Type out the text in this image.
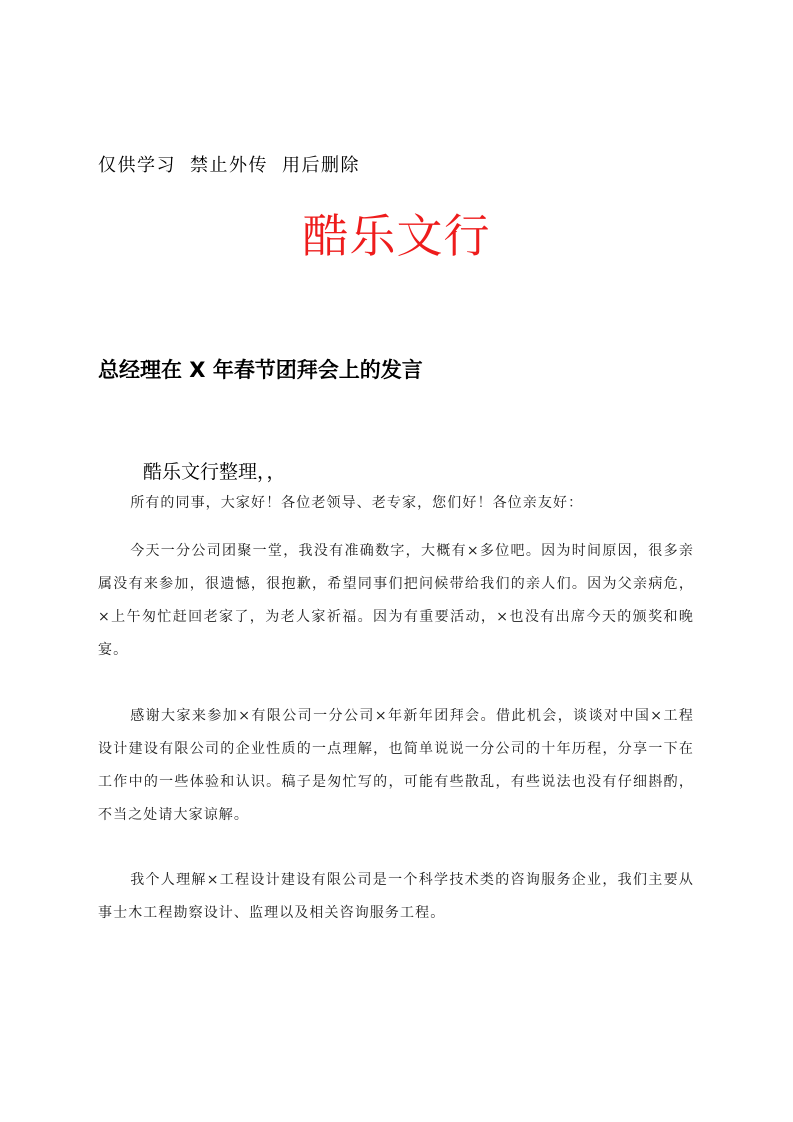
仅供学习 禁止外传 用后删除
酷乐文行
总经理在 X 年春节团拜会上的发言
酷乐文行整理，，

所有的同事，大家好！各位老领导、老专家，您们好！各位亲友好：

今天一分公司团聚一堂，我没有准确数字，大概有×多位吧。因为时间原因，很多亲属没有来参加，很遗憾，很抱歉，希望同事们把问候带给我们的亲人们。因为父亲病危，×上午匆忙赶回老家了，为老人家祈福。因为有重要活动，×也没有出席今天的颁奖和晚宴。

感谢大家来参加×有限公司一分公司×年新年团拜会。借此机会，谈谈对中国×工程设计建设有限公司的企业性质的一点理解，也简单说说一分公司的十年历程，分享一下在工作中的一些体验和认识。稿子是匆忙写的，可能有些散乱，有些说法也没有仔细斟酌，不当之处请大家谅解。

我个人理解×工程设计建设有限公司是一个科学技术类的咨询服务企业，我们主要从事士木工程勘察设计、监理以及相关咨询服务工程。
